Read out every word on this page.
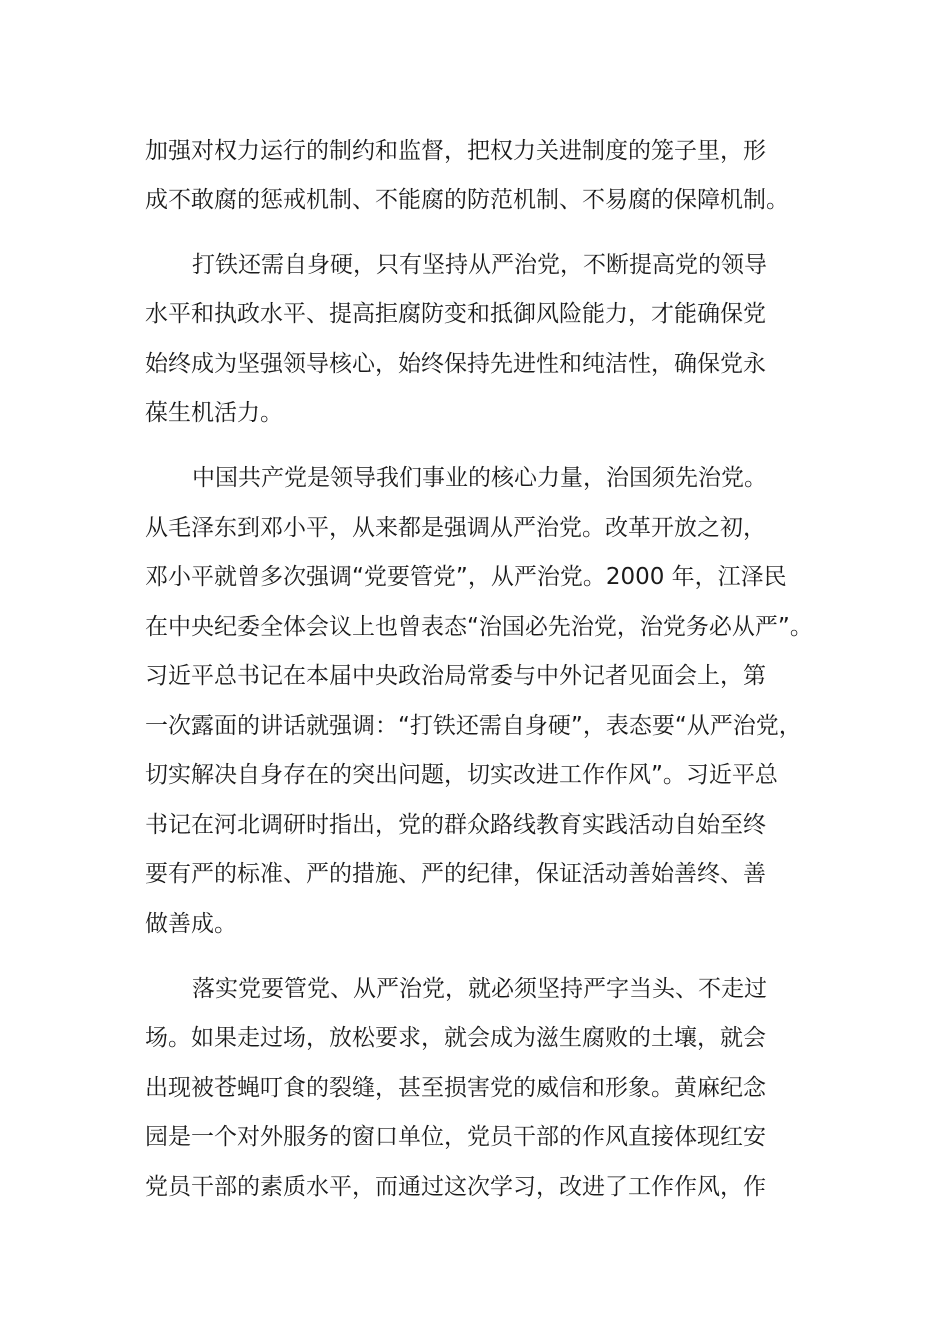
加强对权力运行的制约和监督，把权力关进制度的笼子里，形
成不敢腐的惩戒机制、不能腐的防范机制、不易腐的保障机制。
打铁还需自身硬，只有坚持从严治党，不断提高党的领导
水平和执政水平、提高拒腐防变和抵御风险能力，才能确保党
始终成为坚强领导核心，始终保持先进性和纯洁性，确保党永
葆生机活力。
中国共产党是领导我们事业的核心力量，治国须先治党。
从毛泽东到邓小平，从来都是强调从严治党。改革开放之初，
邓小平就曾多次强调“党要管党”，从严治党。2000 年，江泽民
在中央纪委全体会议上也曾表态“治国必先治党，治党务必从严”。
习近平总书记在本届中央政治局常委与中外记者见面会上，第
一次露面的讲话就强调：“打铁还需自身硬”，表态要“从严治党，
切实解决自身存在的突出问题，切实改进工作作风”。习近平总
书记在河北调研时指出，党的群众路线教育实践活动自始至终
要有严的标准、严的措施、严的纪律，保证活动善始善终、善
做善成。
落实党要管党、从严治党，就必须坚持严字当头、不走过
场。如果走过场，放松要求，就会成为滋生腐败的土壤，就会
出现被苍蝇叮食的裂缝，甚至损害党的威信和形象。黄麻纪念
园是一个对外服务的窗口单位，党员干部的作风直接体现红安
党员干部的素质水平，而通过这次学习，改进了工作作风，作
